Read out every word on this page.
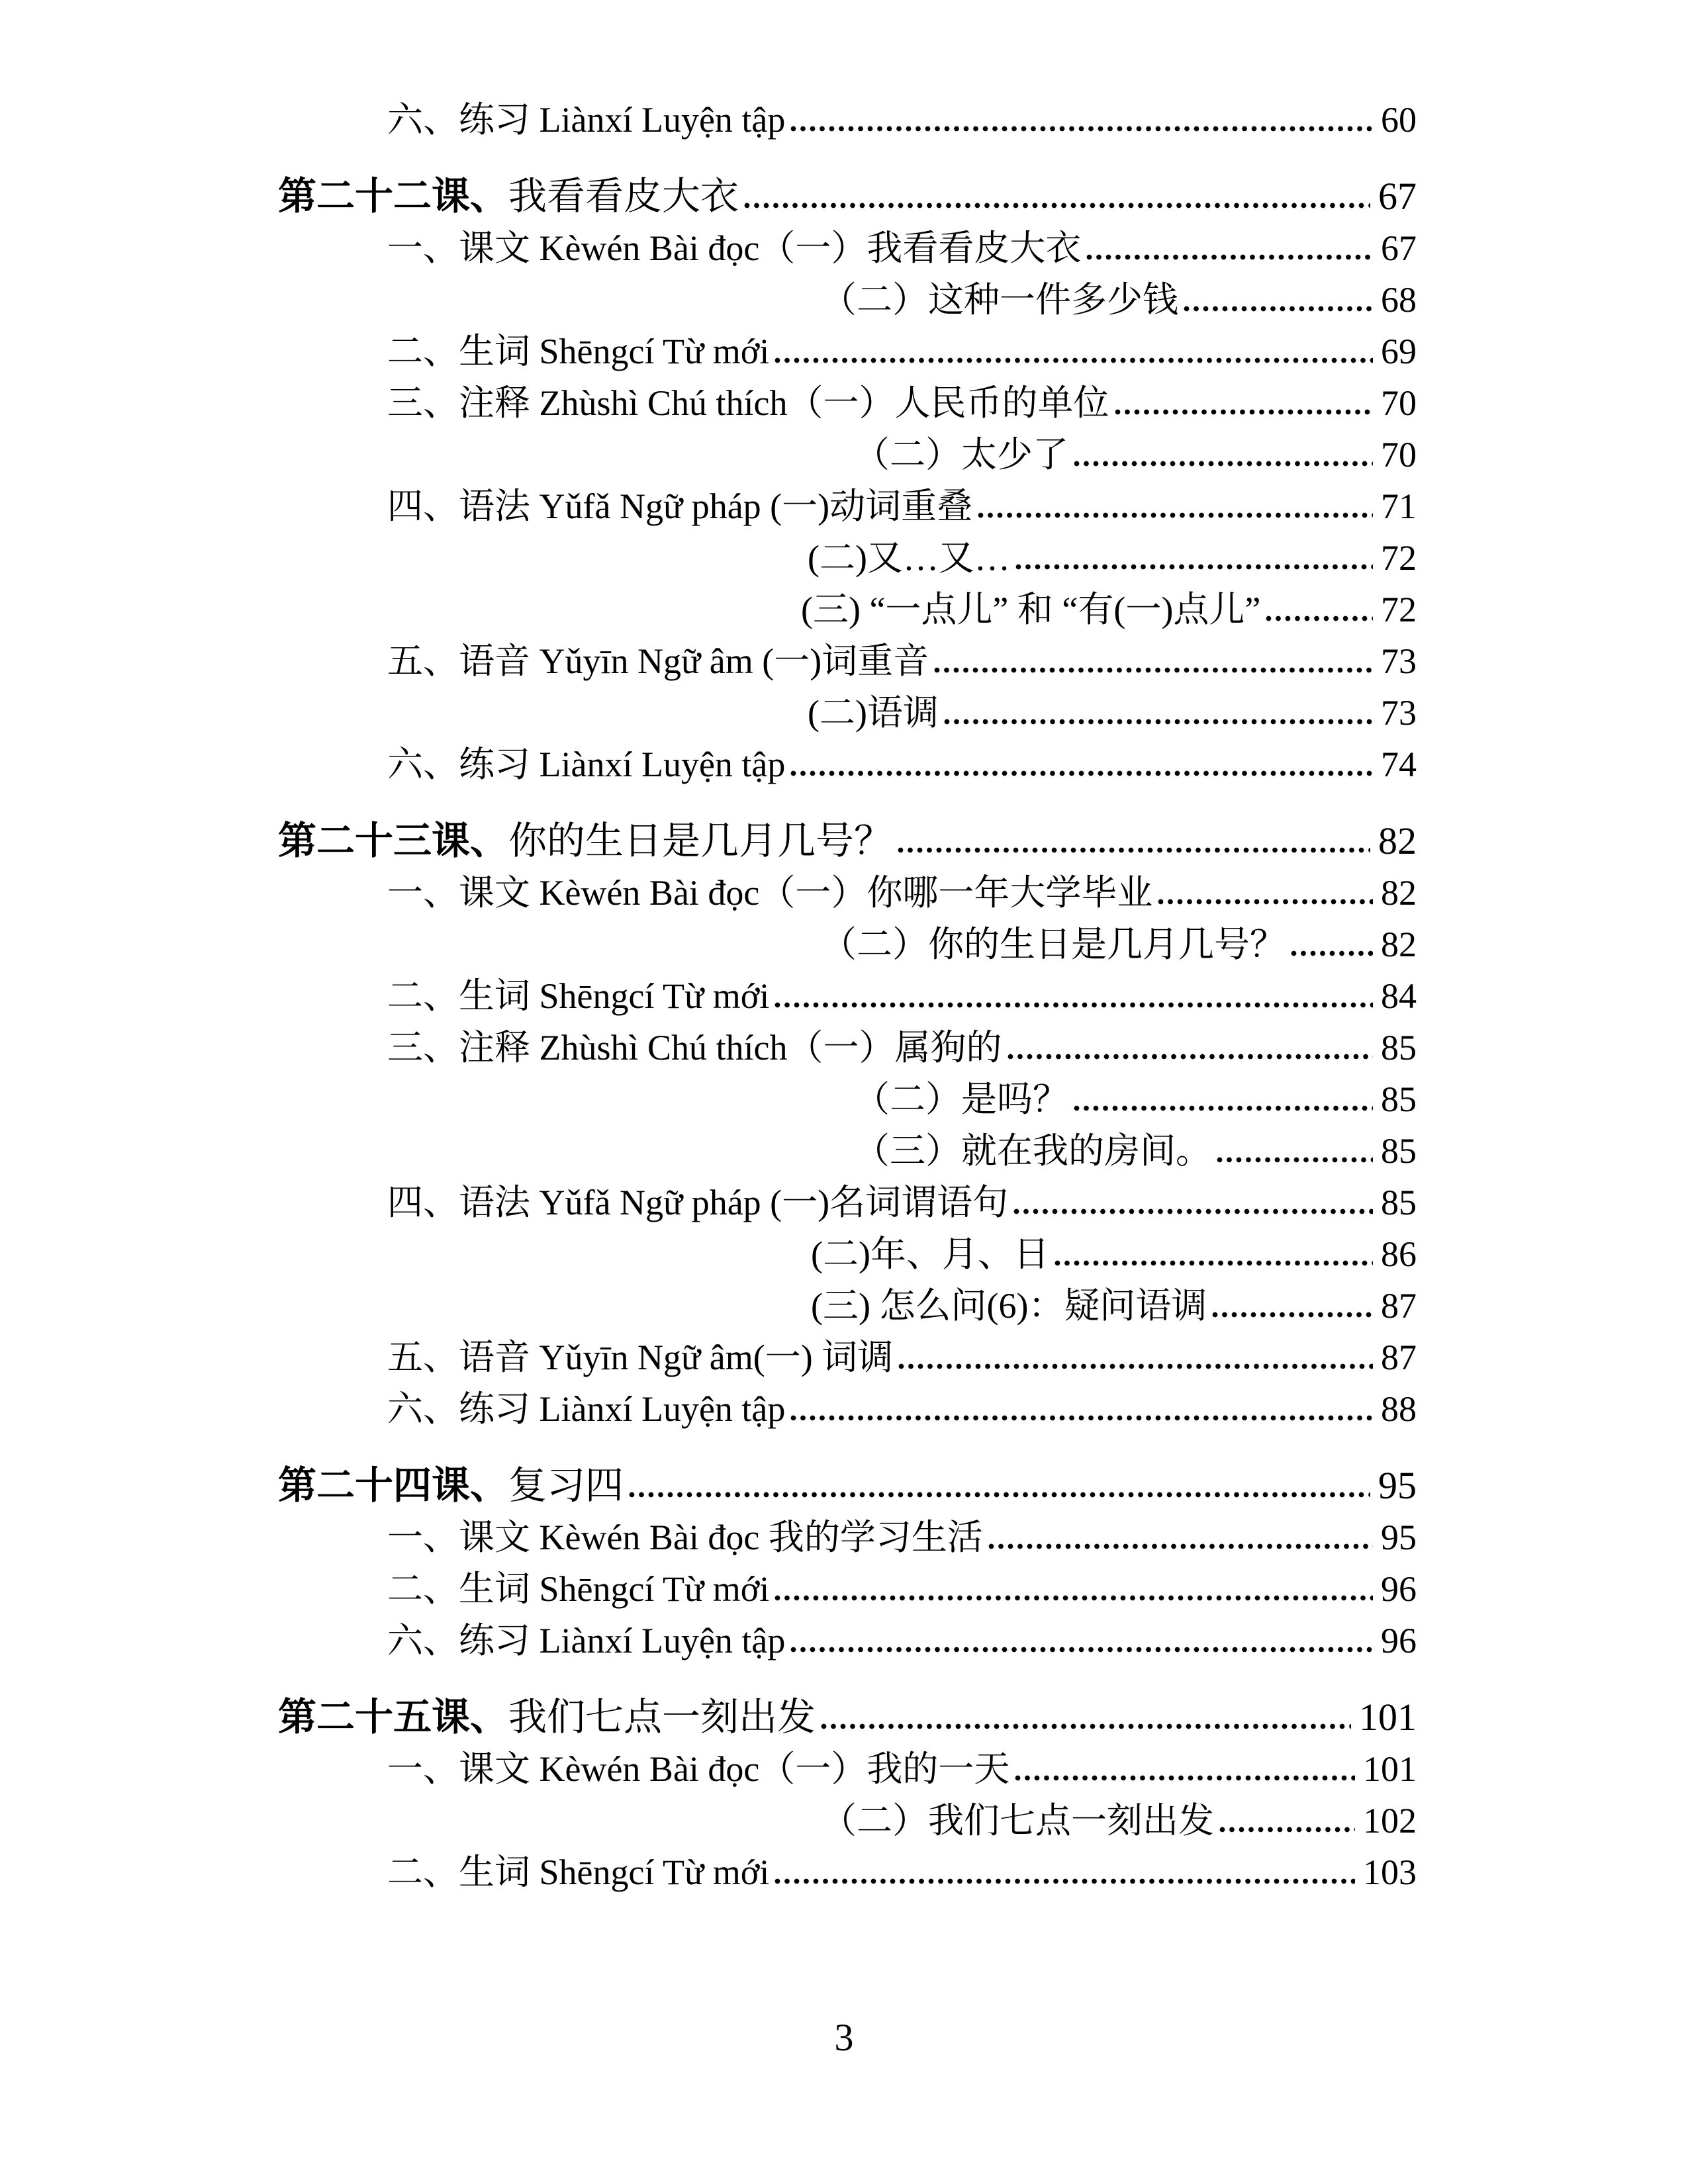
六、练习 Liànxí Luyện tập	60
第二十二课、我看看皮大衣	67
一、课文 Kèwén Bài đọc（一）我看看皮大衣	67
（二）这种一件多少钱	68
二、生词 Shēngcí Từ mới	69
三、注释 Zhùshì Chú thích（一）人民币的单位	70
（二）太少了	70
四、语法 Yǔfǎ Ngữ pháp (一)动词重叠	71
(二)又…又…	72
(三) “一点儿” 和 “有(一)点儿”	72
五、语音 Yǔyīn Ngữ âm (一)词重音	73
(二)语调	73
六、练习 Liànxí Luyện tập	74
第二十三课、你的生日是几月几号？	82
一、课文 Kèwén Bài đọc（一）你哪一年大学毕业	82
（二）你的生日是几月几号？	82
二、生词 Shēngcí Từ mới	84
三、注释 Zhùshì Chú thích（一）属狗的	85
（二）是吗？	85
（三）就在我的房间。	85
四、语法 Yǔfǎ Ngữ pháp (一)名词谓语句	85
(二)年、月、日	86
(三) 怎么问(6)：疑问语调	87
五、语音 Yǔyīn Ngữ âm(一) 词调	87
六、练习 Liànxí Luyện tập	88
第二十四课、复习四	95
一、课文 Kèwén Bài đọc 我的学习生活	95
二、生词 Shēngcí Từ mới	96
六、练习 Liànxí Luyện tập	96
第二十五课、我们七点一刻出发	101
一、课文 Kèwén Bài đọc（一）我的一天	101
（二）我们七点一刻出发	102
二、生词 Shēngcí Từ mới	103
3
